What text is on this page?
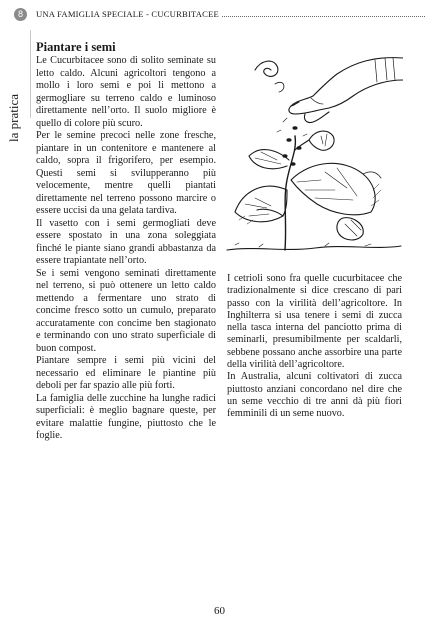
8	UNA FAMIGLIA SPECIALE - CUCURBITACEE
la pratica
Piantare i semi

Le Cucurbitacee sono di solito seminate su letto caldo. Alcuni agricoltori tengono a mollo i loro semi e poi li mettono a germogliare su terreno caldo e luminoso direttamente nell’orto. Il suolo migliore è quello di colore più scuro.

Per le semine precoci nelle zone fresche, piantare in un contenitore e mantenere al caldo, sopra il frigorifero, per esempio. Questi semi si svilupperanno più velocemente, mentre quelli piantati direttamente nel terreno possono marcire o essere uccisi da una gelata tardiva.

Il vasetto con i semi germogliati deve essere spostato in una zona soleggiata finché le piante siano grandi abbastanza da essere trapiantate nell’orto.

Se i semi vengono seminati direttamente nel terreno, si può ottenere un letto caldo mettendo a fermentare uno strato di concime fresco sotto un cumulo, preparato accuratamente con concime ben stagionato e terminando con uno strato superficiale di buon compost.

Piantare sempre i semi più vicini del necessario ed eliminare le piantine più deboli per far spazio alle più forti.

La famiglia delle zucchine ha lunghe radici superficiali: è meglio bagnare queste, per evitare malattie fungine, piuttosto che le foglie.

I cetrioli sono fra quelle cucurbitacee che tradizionalmente si dice crescano di pari passo con la virilità dell’agricoltore. In Inghilterra si usa tenere i semi di zucca nella tasca interna del panciotto prima di seminarli, presumibilmente per scaldarli, sebbene possano anche assorbire una parte della virilità dell’agricoltore.

In Australia, alcuni coltivatori di zucca piuttosto anziani concordano nel dire che un seme vecchio di tre anni dà più fiori femminili di un seme nuovo.

60
